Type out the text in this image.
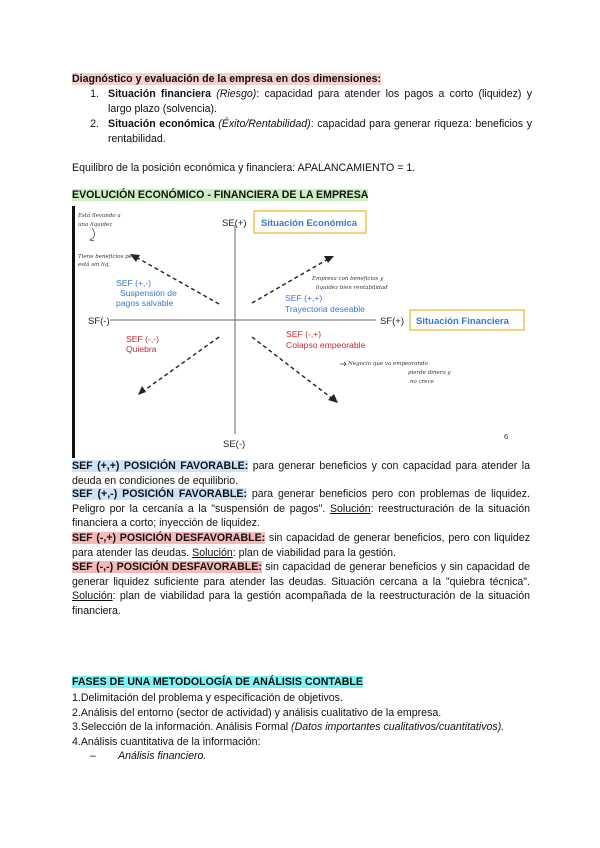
Diagnóstico y evaluación de la empresa en dos dimensiones:

1. Situación financiera (Riesgo): capacidad para atender los pagos a corto (liquidez) y largo plazo (solvencia).
2. Situación económica (Éxito/Rentabilidad): capacidad para generar riqueza: beneficios y rentabilidad.

Equilibro de la posición económica y financiera: APALANCAMIENTO = 1.

EVOLUCIÓN ECONÓMICO - FINANCIERA DE LA EMPRESA

SE(+)
SE(-)
SF(-)	SF(+)
Situación Económica
Situación Financiera
SEF (+,-)
Suspensión de
pagos salvable	SEF (+,+)
Trayectoria deseable
SEF (-,-)
Quiebra
SEF (-,+)
Colapso empeorable
Está llevando a
una liquidez
Tiene beneficios pero
está sin liq.
Empresa con beneficios y
liquidez bien rentabilidad
Negocio que va empeorando
pierde dinero y
no crece
6

SEF (+,+) POSICIÓN FAVORABLE: para generar beneficios y con capacidad para atender la deuda en condiciones de equilibrio.

SEF (+,-) POSICIÓN FAVORABLE: para generar beneficios pero con problemas de liquidez. Peligro por la cercanía a la "suspensión de pagos". Solución: reestructuración de la situación financiera a corto; inyección de liquidez.

SEF (-,+) POSICIÓN DESFAVORABLE: sin capacidad de generar beneficios, pero con liquidez para atender las deudas. Solución: plan de viabilidad para la gestión.

SEF (-,-) POSICIÓN DESFAVORABLE: sin capacidad de generar beneficios y sin capacidad de generar liquidez suficiente para atender las deudas. Situación cercana a la "quiebra técnica". Solución: plan de viabilidad para la gestión acompañada de la reestructuración de la situación financiera.

FASES DE UNA METODOLOGÍA DE ANÁLISIS CONTABLE

1.Delimitación del problema y especificación de objetivos.
2.Análisis del entorno (sector de actividad) y análisis cualitativo de la empresa.
3.Selección de la información. Análisis Formal (Datos importantes cualitativos/cuantitativos).
4.Análisis cuantitativa de la información:
– Análisis financiero.
